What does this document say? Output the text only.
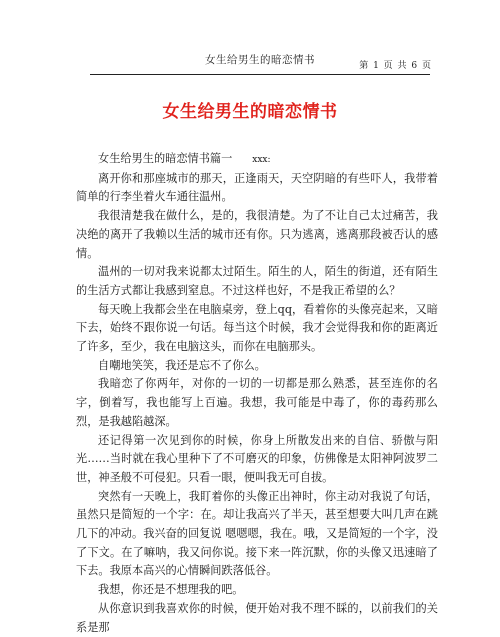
女生给男生的暗恋情书	第 1 页 共 6 页
女生给男生的暗恋情书

女生给男生的暗恋情书篇一 xxx:

离开你和那座城市的那天，正逢雨天，天空阴暗的有些吓人，我带着简单的行李坐着火车通往温州。

我很清楚我在做什么，是的，我很清楚。为了不让自己太过痛苦，我决绝的离开了我赖以生活的城市还有你。只为逃离，逃离那段被否认的感情。

温州的一切对我来说都太过陌生。陌生的人，陌生的街道，还有陌生的生活方式都让我感到窒息。不过这样也好，不是我正希望的么？

每天晚上我都会坐在电脑桌旁，登上qq，看着你的头像亮起来，又暗下去，始终不跟你说一句话。每当这个时候，我才会觉得我和你的距离近了许多，至少，我在电脑这头，而你在电脑那头。

自嘲地笑笑，我还是忘不了你么。

我暗恋了你两年，对你的一切的一切都是那么熟悉，甚至连你的名字，倒着写，我也能写上百遍。我想，我可能是中毒了，你的毒药那么烈，是我越陷越深。

还记得第一次见到你的时候，你身上所散发出来的自信、骄傲与阳光……当时就在我心里种下了不可磨灭的印象，仿佛像是太阳神阿波罗二世，神圣般不可侵犯。只看一眼，便叫我无可自拔。

突然有一天晚上，我盯着你的头像正出神时，你主动对我说了句话，虽然只是简短的一个字：在。却让我高兴了半天，甚至想要大叫几声在跳几下的冲动。我兴奋的回复说 嗯嗯嗯，我在。哦，又是简短的一个字，没了下文。在了嘛呐，我又问你说。接下来一阵沉默，你的头像又迅速暗了下去。我原本高兴的心情瞬间跌落低谷。

我想，你还是不想理我的吧。

从你意识到我喜欢你的时候，便开始对我不理不睬的，以前我们的关系是那
